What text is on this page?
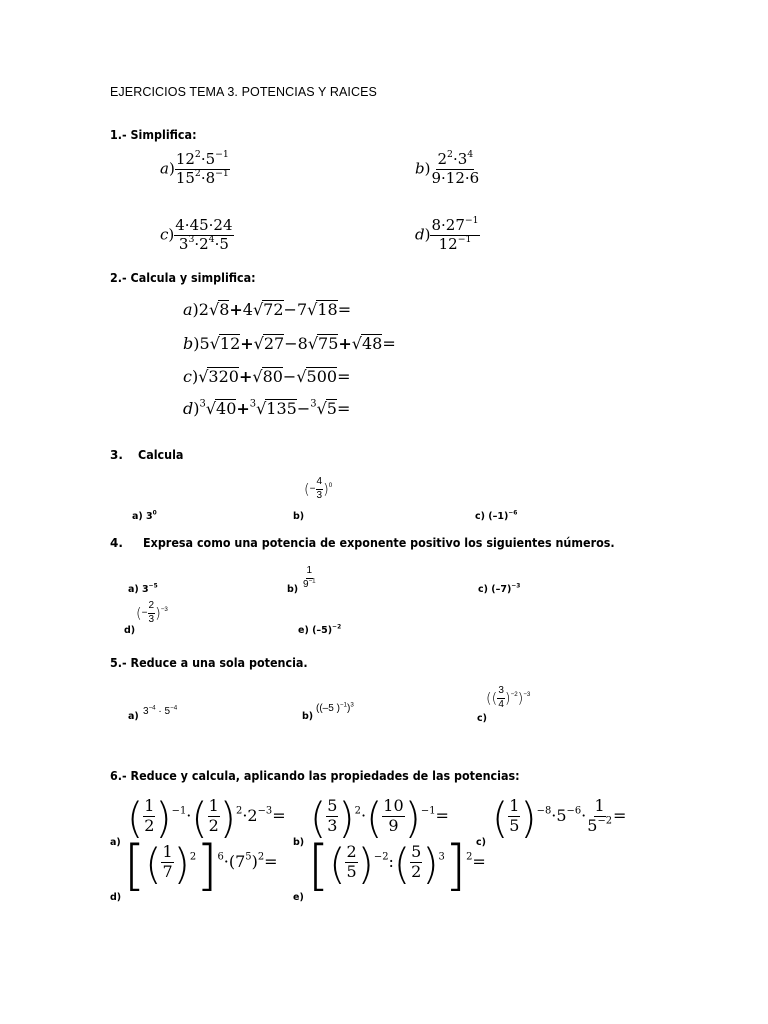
EJERCICIOS TEMA 3. POTENCIAS Y RAICES
1.- Simplifica:
$a) \frac{12^2\cdot 5^{-1}}{15^2\cdot 8^{-1}}$	$b) \frac{2^2\cdot 3^4}{9\cdot 12\cdot 6}$
$c) \frac{4\cdot 45\cdot 24}{3^3\cdot 2^4\cdot 5}$	$d) \frac{8\cdot 27^{-1}}{12^{-1}}$
2.- Calcula y simplifica:
a)2√8+4√72−7√18=
b)5√12+√27−8√75+√48=
c)√320+√80−√500=
d)$^3$√40+$^3$√135−$^3$√5=
3. Calcula
a) $3^0$	b)
(− $\frac{4}{3} )^0$
c) $(-1)^{-6}$
4. Expresa como una potencia de exponente positivo los siguientes números.
a) $3^{-5}$	$b) \frac{1}{9^{-1}}$	c) $(-7)^{-3}$
d)
(− $\frac{2}{3} )^{-3}$
e) $(-5)^{-2}$
5.- Reduce a una sola potencia.
a) $3^{-4} \cdot 5^{-4}$
b)
((–5 )$^{-1}$)$^3$
c)
(( $\frac{3}{4} )^{-2})^{-3}$
6.- Reduce y calcula, aplicando las propiedades de las potencias:
a)
( $\frac{1}{2} )^{-1}\cdot( \frac{1}{2} )^2\cdot 2^{-3}=$
b)
( $\frac{5}{3} )^2\cdot( \frac{10}{9} )^{-1}=$
c)
( $\frac{1}{5} )^{-8}\cdot 5^{-6}\cdot \frac{1}{5^{-2}}$ =
d)
[( $\frac{1}{7} )^2]^6\cdot(7^5)^2=$
e)
[( $\frac{2}{5}$ )$^{-2}$:( $\frac{5}{2} )^3]^2=$
